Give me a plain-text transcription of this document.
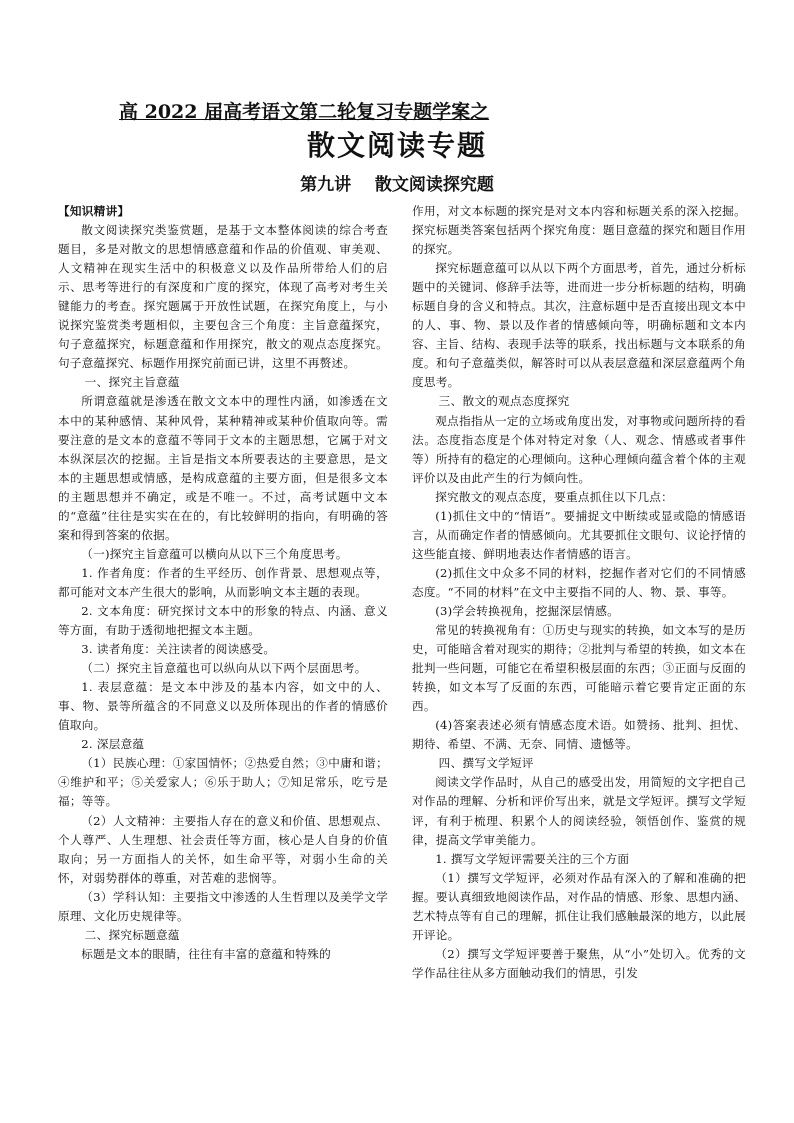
高 2022 届高考语文第二轮复习专题学案之
散文阅读专题
第九讲    散文阅读探究题

【知识精讲】

散文阅读探究类鉴赏题，是基于文本整体阅读的综合考查题目，多是对散文的思想情感意蕴和作品的价值观、审美观、人文精神在现实生活中的积极意义以及作品所带给人们的启示、思考等进行的有深度和广度的探究，体现了高考对考生关键能力的考查。探究题属于开放性试题，在探究角度上，与小说探究鉴赏类考题相似，主要包含三个角度：主旨意蕴探究，句子意蕴探究，标题意蕴和作用探究，散文的观点态度探究。句子意蕴探究、标题作用探究前面已讲，这里不再赘述。

一、探究主旨意蕴

所谓意蕴就是渗透在散文文本中的理性内涵，如渗透在文本中的某种感情、某种风骨，某种精神或某种价值取向等。需要注意的是文本的意蕴不等同于文本的主题思想，它属于对文本纵深层次的挖掘。主旨是指文本所要表达的主要意思，是文本的主题思想或情感，是构成意蕴的主要方面，但是很多文本的主题思想并不确定，或是不唯一。不过，高考试题中文本的“意蕴”往往是实实在在的，有比较鲜明的指向，有明确的答案和得到答案的依据。

（一)探究主旨意蕴可以横向从以下三个角度思考。

1. 作者角度：作者的生平经历、创作背景、思想观点等，都可能对文本产生很大的影响，从而影响文本主题的表现。

2. 文本角度：研究探讨文本中的形象的特点、内涵、意义等方面，有助于透彻地把握文本主题。

3. 读者角度：关注读者的阅读感受。

（二）探究主旨意蕴也可以纵向从以下两个层面思考。

1. 表层意蕴：是文本中涉及的基本内容，如文中的人、事、物、景等所蕴含的不同意义以及所体现出的作者的情感价值取向。

2. 深层意蕴

（1）民族心理：①家国情怀；②热爱自然；③中庸和谐；④维护和平；⑤关爱家人；⑥乐于助人；⑦知足常乐，吃亏是福；等等。

（2）人文精神：主要指人存在的意义和价值、思想观点、个人尊严、人生理想、社会责任等方面，核心是人自身的价值取向；另一方面指人的关怀，如生命平等，对弱小生命的关怀，对弱势群体的尊重，对苦难的悲悯等。

（3）学科认知：主要指文中渗透的人生哲理以及美学文学原理、文化历史规律等。

二、探究标题意蕴

标题是文本的眼睛，往往有丰富的意蕴和特殊的

作用，对文本标题的探究是对文本内容和标题关系的深入挖掘。探究标题类答案包括两个探究角度：题目意蕴的探究和题目作用的探究。

探究标题意蕴可以从以下两个方面思考，首先，通过分析标题中的关键词、修辞手法等，进而进一步分析标题的结构，明确标题自身的含义和特点。其次，注意标题中是否直接出现文本中的人、事、物、景以及作者的情感倾向等，明确标题和文本内容、主旨、结构、表现手法等的联系，找出标题与文本联系的角度。和句子意蕴类似，解答时可以从表层意蕴和深层意蕴两个角度思考。

三、散文的观点态度探究

观点指指从一定的立场或角度出发，对事物或问题所持的看法。态度指态度是个体对特定对象（人、观念、情感或者事件等）所持有的稳定的心理倾向。这种心理倾向蕴含着个体的主观评价以及由此产生的行为倾向性。

探究散文的观点态度，要重点抓住以下几点：

(1)抓住文中的“情语”。要捕捉文中断续或显或隐的情感语言，从而确定作者的情感倾向。尤其要抓住文眼句、议论抒情的这些能直接、鲜明地表达作者情感的语言。

(2)抓住文中众多不同的材料，挖掘作者对它们的不同情感态度。“不同的材料”在文中主要指不同的人、物、景、事等。

(3)学会转换视角，挖掘深层情感。

常见的转换视角有：①历史与现实的转换，如文本写的是历史，可能暗含着对现实的期待；②批判与希望的转换，如文本在批判一些问题，可能它在希望积极层面的东西；③正面与反面的转换，如文本写了反面的东西，可能暗示着它要肯定正面的东西。

(4)答案表述必须有情感态度术语。如赞扬、批判、担忧、期待、希望、不满、无奈、同情、遗憾等。

四、撰写文学短评

阅读文学作品时，从自己的感受出发，用简短的文字把自己对作品的理解、分析和评价写出来，就是文学短评。撰写文学短评，有利于梳理、积累个人的阅读经验，领悟创作、鉴赏的规律，提高文学审美能力。

1. 撰写文学短评需要关注的三个方面

（1）撰写文学短评，必须对作品有深入的了解和准确的把握。要认真细致地阅读作品，对作品的情感、形象、思想内涵、艺术特点等有自己的理解，抓住让我们感触最深的地方，以此展开评论。

（2）撰写文学短评要善于聚焦，从“小”处切入。优秀的文学作品往往从多方面触动我们的情思，引发
